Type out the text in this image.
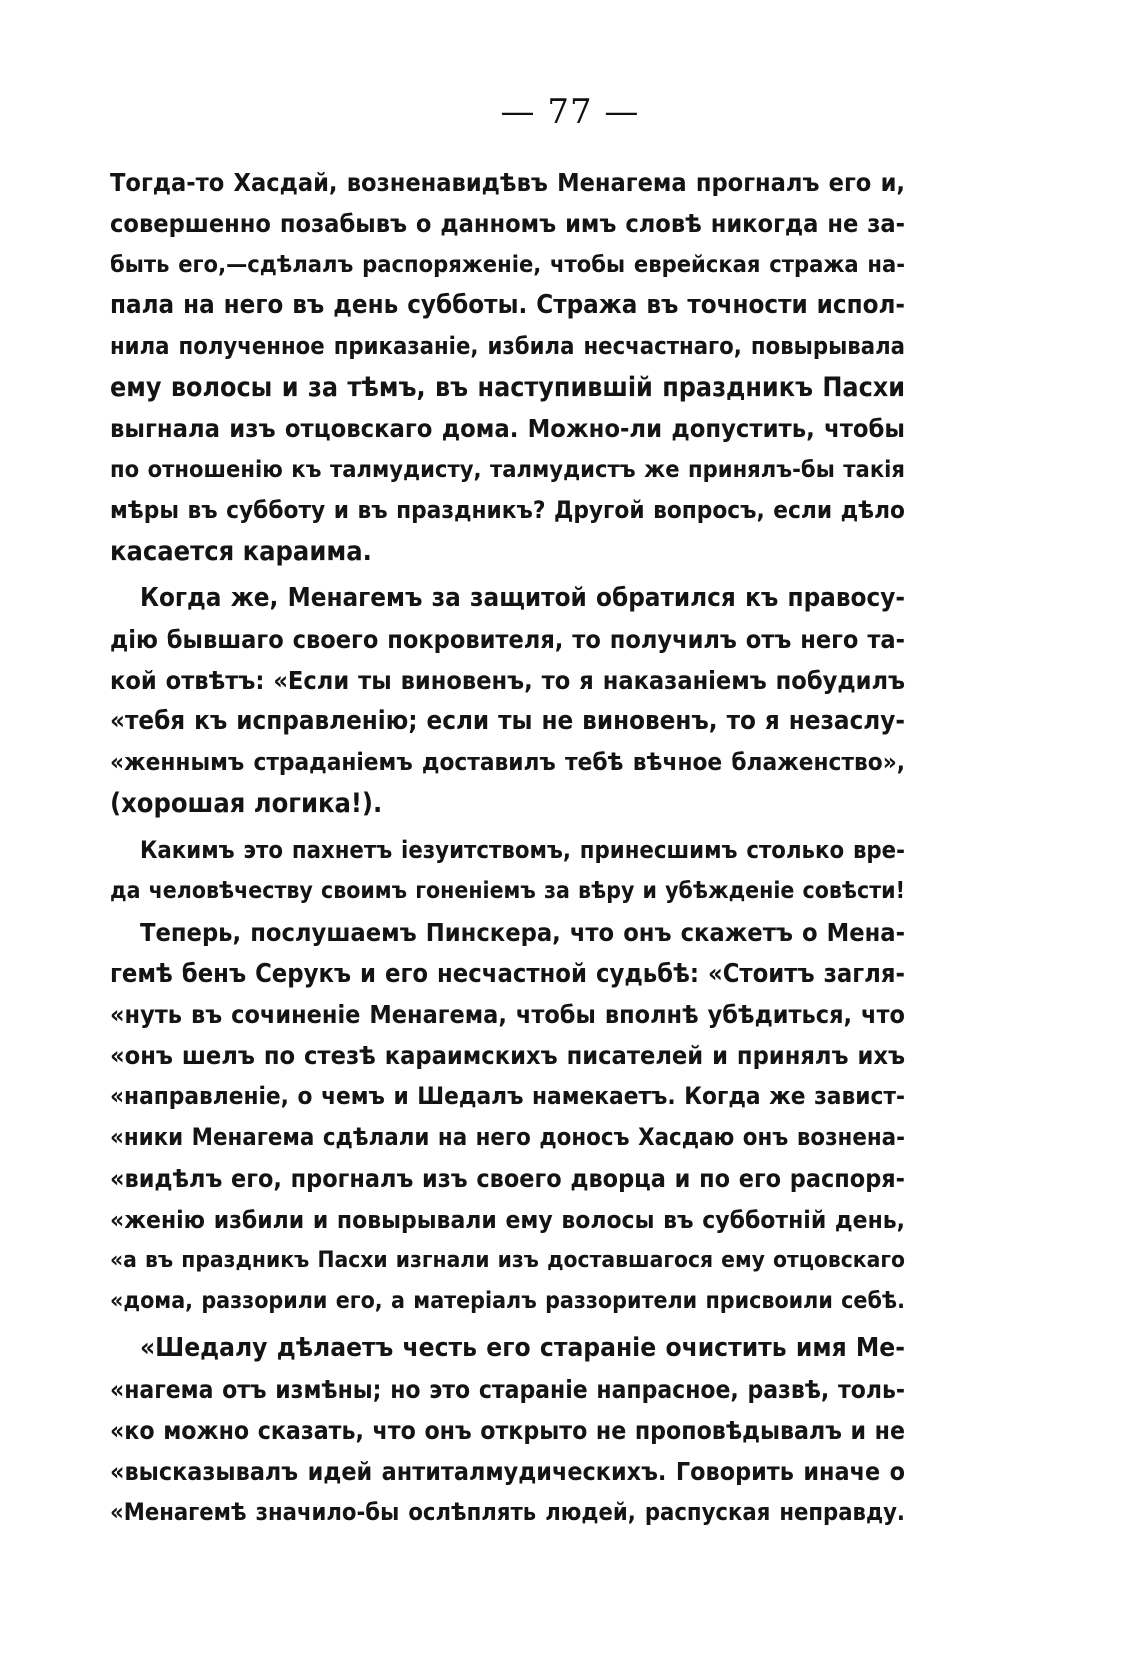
— 77 —
Тогда-то Хасдай, возненавидѣвъ Менагема прогналъ его и,
совершенно позабывъ о данномъ имъ словѣ никогда не за-
быть его,—сдѣлалъ распоряженіе, чтобы еврейская стража на-
пала на него въ день субботы. Стража въ точности испол-
нила полученное приказаніе, избила несчастнаго, повырывала
ему волосы и за тѣмъ, въ наступившій праздникъ Пасхи
выгнала изъ отцовскаго дома. Можно-ли допустить, чтобы
по отношенію къ талмудисту, талмудистъ же принялъ-бы такія
мѣры въ субботу и въ праздникъ? Другой вопросъ, если дѣло
касается караима.
Когда же, Менагемъ за защитой обратился къ правосу-
дію бывшаго своего покровителя, то получилъ отъ него та-
кой отвѣтъ: «Если ты виновенъ, то я наказаніемъ побудилъ
«тебя къ исправленію; если ты не виновенъ, то я незаслу-
«женнымъ страданіемъ доставилъ тебѣ вѣчное блаженство»,
(хорошая логика!).
Какимъ это пахнетъ іезуитствомъ, принесшимъ столько вре-
да человѣчеству своимъ гоненіемъ за вѣру и убѣжденіе совѣсти!
Теперь, послушаемъ Пинскера, что онъ скажетъ о Мена-
гемѣ бенъ Серукъ и его несчастной судьбѣ: «Стоитъ загля-
«нуть въ сочиненіе Менагема, чтобы вполнѣ убѣдиться, что
«онъ шелъ по стезѣ караимскихъ писателей и принялъ ихъ
«направленіе, о чемъ и Шедалъ намекаетъ. Когда же завист-
«ники Менагема сдѣлали на него доносъ Хасдаю онъ вознена-
«видѣлъ его, прогналъ изъ своего дворца и по его распоря-
«женію избили и повырывали ему волосы въ субботній день,
«а въ праздникъ Пасхи изгнали изъ доставшагося ему отцовскаго
«дома, раззорили его, а матеріалъ раззорители присвоили себѣ.
«Шедалу дѣлаетъ честь его стараніе очистить имя Ме-
«нагема отъ измѣны; но это стараніе напрасное, развѣ, толь-
«ко можно сказать, что онъ открыто не проповѣдывалъ и не
«высказывалъ идей антиталмудическихъ. Говорить иначе о
«Менагемѣ значило-бы ослѣплять людей, распуская неправду.
